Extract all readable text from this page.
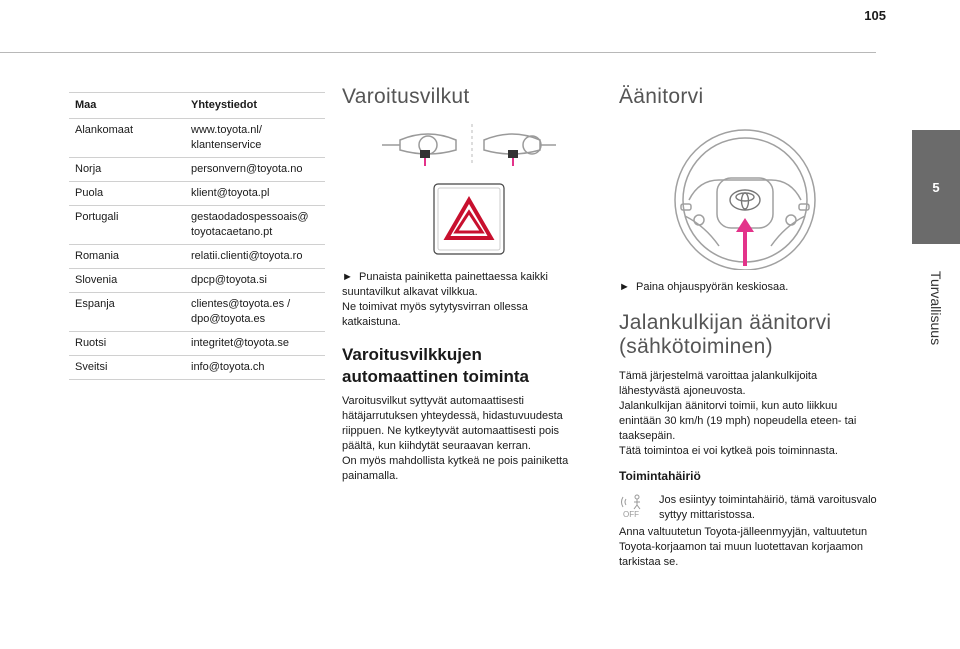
105
5
Turvallisuus
Maa	Yhteystiedot
Alankomaat	www.toyota.nl/
klantenservice
Norja	personvern@toyota.no
Puola	klient@toyota.pl
Portugali	gestaodadospessoais@
toyotacaetano.pt
Romania	relatii.clienti@toyota.ro
Slovenia	dpcp@toyota.si
Espanja	clientes@toyota.es /
dpo@toyota.es
Ruotsi	integritet@toyota.se
Sveitsi	info@toyota.ch
Varoitusvilkut

► Punaista painiketta painettaessa kaikki suuntavilkut alkavat vilkkua.

Ne toimivat myös sytytysvirran ollessa katkaistuna.

Varoitusvilkkujen automaattinen toiminta

Varoitusvilkut syttyvät automaattisesti hätäjarrutuksen yhteydessä, hidastuvuudesta riippuen. Ne kytkeytyvät automaattisesti pois päältä, kun kiihdytät seuraavan kerran.

On myös mahdollista kytkeä ne pois painiketta painamalla.

Äänitorvi

► Paina ohjauspyörän keskiosaa.

Jalankulkijan äänitorvi (sähkötoiminen)

Tämä järjestelmä varoittaa jalankulkijoita lähestyvästä ajoneuvosta.

Jalankulkijan äänitorvi toimii, kun auto liikkuu enintään 30 km/h (19 mph) nopeudella eteen- tai taaksepäin.

Tätä toimintoa ei voi kytkeä pois toiminnasta.

Toimintahäiriö
OFF

Jos esiintyy toimintahäiriö, tämä varoitusvalo syttyy mittaristossa.

Anna valtuutetun Toyota-jälleenmyyjän, valtuutetun Toyota-korjaamon tai muun luotettavan korjaamon tarkistaa se.
